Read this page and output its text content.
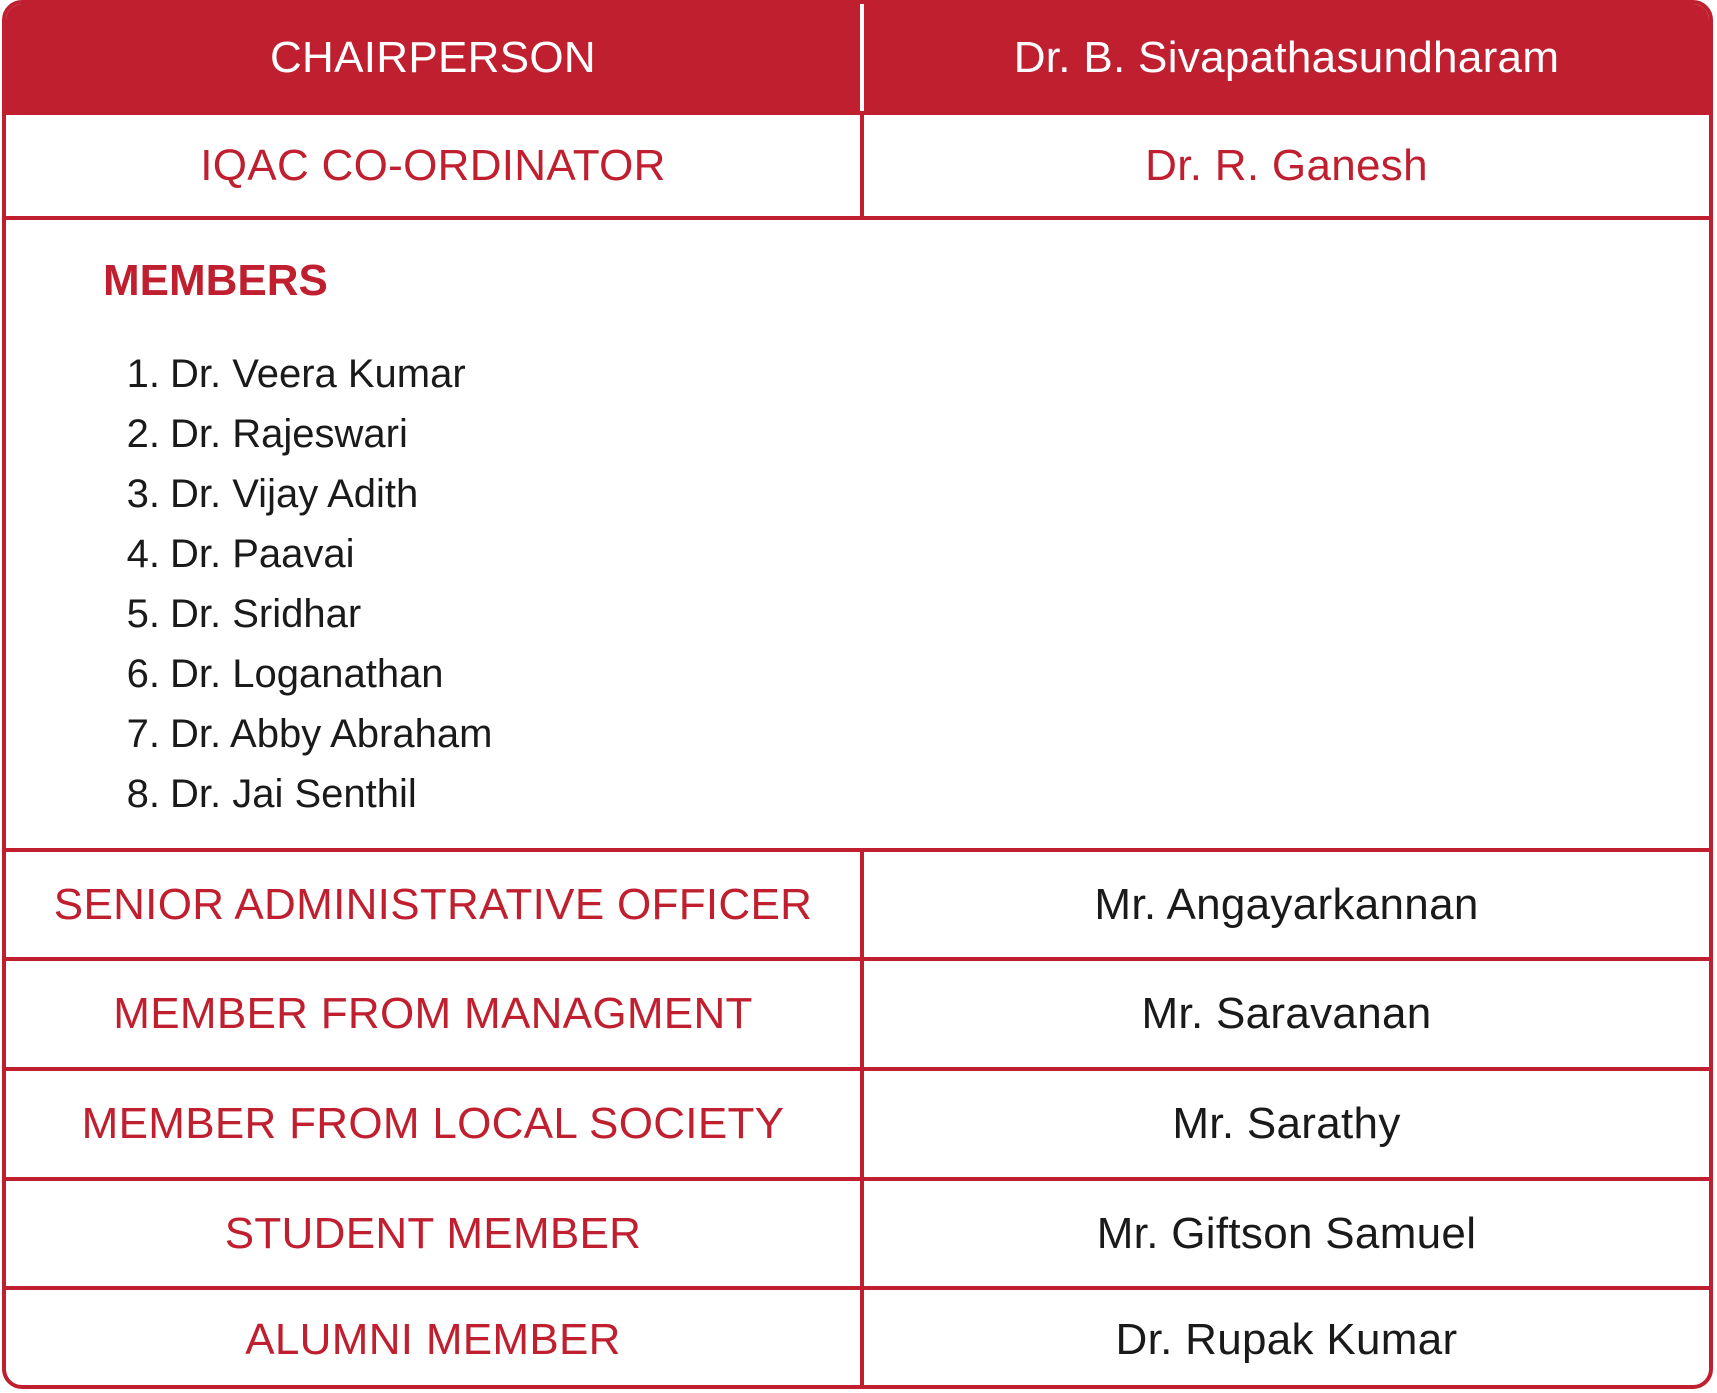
CHAIRPERSON	Dr. B. Sivapathasundharam
IQAC CO-ORDINATOR	Dr. R. Ganesh
MEMBERS
1. Dr. Veera Kumar
2. Dr. Rajeswari
3. Dr. Vijay Adith
4. Dr. Paavai
5. Dr. Sridhar
6. Dr. Loganathan
7. Dr. Abby Abraham
8. Dr. Jai Senthil
SENIOR ADMINISTRATIVE OFFICER	Mr. Angayarkannan
MEMBER FROM MANAGMENT	Mr. Saravanan
MEMBER FROM LOCAL SOCIETY	Mr. Sarathy
STUDENT MEMBER	Mr. Giftson Samuel
ALUMNI MEMBER	Dr. Rupak Kumar
